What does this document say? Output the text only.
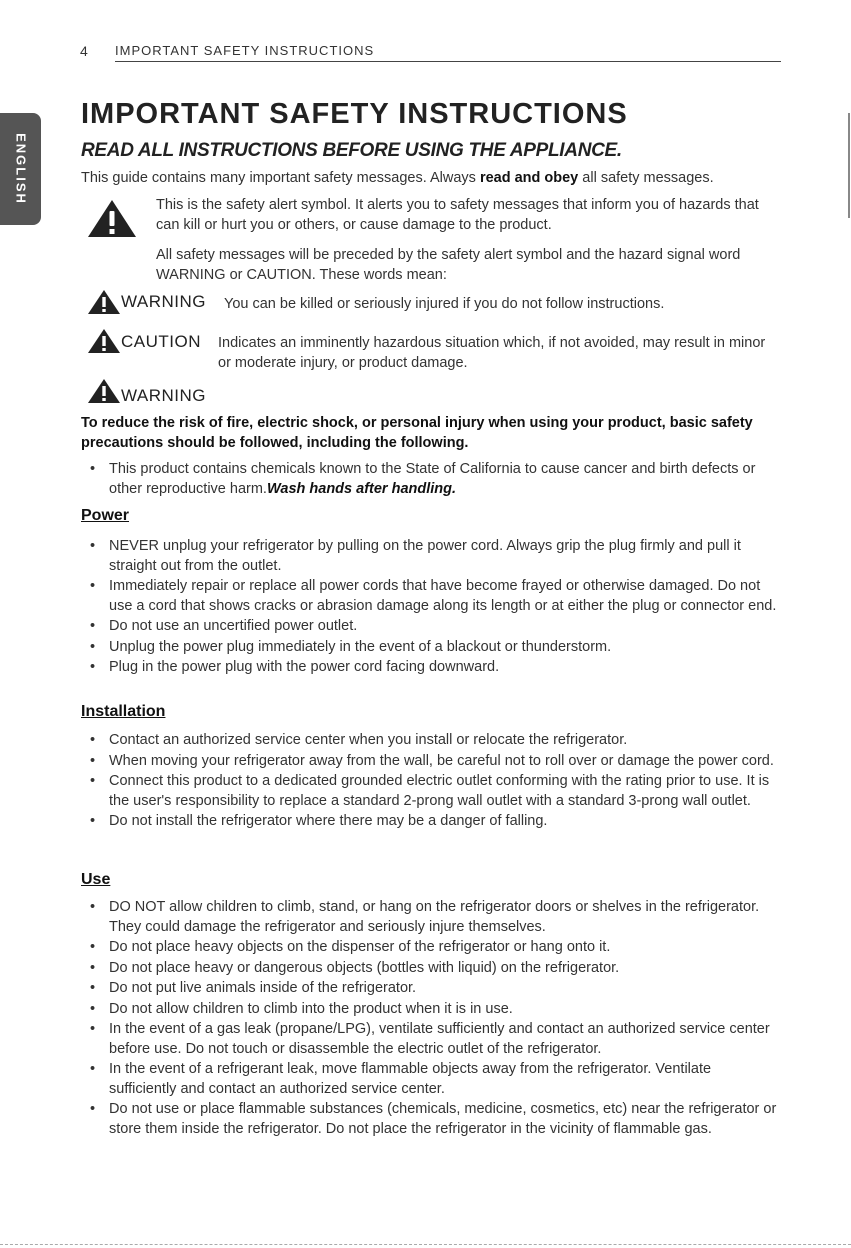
4 IMPORTANT SAFETY INSTRUCTIONS
ENGLISH
IMPORTANT SAFETY INSTRUCTIONS
READ ALL INSTRUCTIONS BEFORE USING THE APPLIANCE.
This guide contains many important safety messages. Always read and obey all safety messages.
This is the safety alert symbol. It alerts you to safety messages that inform you of hazards that can kill or hurt you or others, or cause damage to the product.
All safety messages will be preceded by the safety alert symbol and the hazard signal word WARNING or CAUTION. These words mean:
WARNING You can be killed or seriously injured if you do not follow instructions.
CAUTION Indicates an imminently hazardous situation which, if not avoided, may result in minor or moderate injury, or product damage.
WARNING
To reduce the risk of fire, electric shock, or personal injury when using your product, basic safety precautions should be followed, including the following.
• This product contains chemicals known to the State of California to cause cancer and birth defects or other reproductive harm.Wash hands after handling.
Power
• NEVER unplug your refrigerator by pulling on the power cord. Always grip the plug firmly and pull it straight out from the outlet.
• Immediately repair or replace all power cords that have become frayed or otherwise damaged. Do not use a cord that shows cracks or abrasion damage along its length or at either the plug or connector end.
• Do not use an uncertified power outlet.
• Unplug the power plug immediately in the event of a blackout or thunderstorm.
• Plug in the power plug with the power cord facing downward.
Installation
• Contact an authorized service center when you install or relocate the refrigerator.
• When moving your refrigerator away from the wall, be careful not to roll over or damage the power cord.
• Connect this product to a dedicated grounded electric outlet conforming with the rating prior to use. It is the user's responsibility to replace a standard 2-prong wall outlet with a standard 3-prong wall outlet.
• Do not install the refrigerator where there may be a danger of falling.
Use
• DO NOT allow children to climb, stand, or hang on the refrigerator doors or shelves in the refrigerator. They could damage the refrigerator and seriously injure themselves.
• Do not place heavy objects on the dispenser of the refrigerator or hang onto it.
• Do not place heavy or dangerous objects (bottles with liquid) on the refrigerator.
• Do not put live animals inside of the refrigerator.
• Do not allow children to climb into the product when it is in use.
• In the event of a gas leak (propane/LPG), ventilate sufficiently and contact an authorized service center before use. Do not touch or disassemble the electric outlet of the refrigerator.
• In the event of a refrigerant leak, move flammable objects away from the refrigerator. Ventilate sufficiently and contact an authorized service center.
• Do not use or place flammable substances (chemicals, medicine, cosmetics, etc) near the refrigerator or store them inside the refrigerator. Do not place the refrigerator in the vicinity of flammable gas.
